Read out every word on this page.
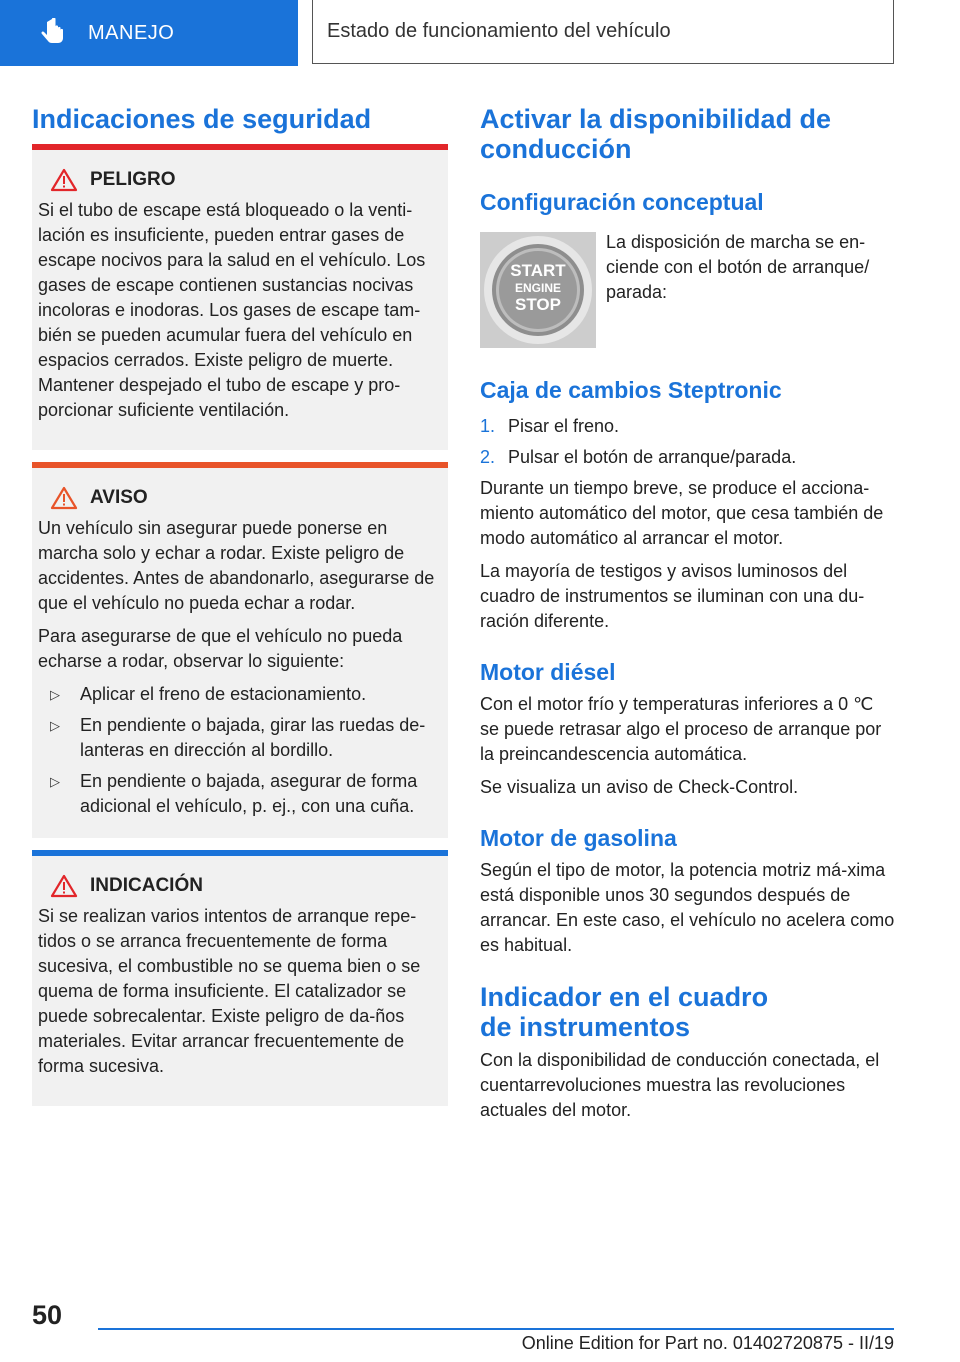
MANEJO	Estado de funcionamiento del vehículo
Indicaciones de seguridad
PELIGRO

Si el tubo de escape está bloqueado o la venti-lación es insuficiente, pueden entrar gases de escape nocivos para la salud en el vehículo. Los gases de escape contienen sustancias nocivas incoloras e inodoras. Los gases de escape tam-bién se pueden acumular fuera del vehículo en espacios cerrados. Existe peligro de muerte. Mantener despejado el tubo de escape y pro-porcionar suficiente ventilación.

AVISO

Un vehículo sin asegurar puede ponerse en marcha solo y echar a rodar. Existe peligro de accidentes. Antes de abandonarlo, asegurarse de que el vehículo no pueda echar a rodar.

Para asegurarse de que el vehículo no pueda echarse a rodar, observar lo siguiente:

▷	Aplicar el freno de estacionamiento.
▷	En pendiente o bajada, girar las ruedas de-lanteras en dirección al bordillo.
▷	En pendiente o bajada, asegurar de forma adicional el vehículo, p. ej., con una cuña.
INDICACIÓN

Si se realizan varios intentos de arranque repe-tidos o se arranca frecuentemente de forma sucesiva, el combustible no se quema bien o se quema de forma insuficiente. El catalizador se puede sobrecalentar. Existe peligro de da-ños materiales. Evitar arrancar frecuentemente de forma sucesiva.

Activar la disponibilidad de
conducción
Configuración conceptual
START
ENGINE
STOP

La disposición de marcha se en-ciende con el botón de arranque/ parada:

Caja de cambios Steptronic
1. Pisar el freno.
2. Pulsar el botón de arranque/parada.

Durante un tiempo breve, se produce el acciona-miento automático del motor, que cesa también de modo automático al arrancar el motor.

La mayoría de testigos y avisos luminosos del cuadro de instrumentos se iluminan con una du-ración diferente.

Motor diésel

Con el motor frío y temperaturas inferiores a 0 ℃ se puede retrasar algo el proceso de arranque por la preincandescencia automática.

Se visualiza un aviso de Check-Control.

Motor de gasolina

Según el tipo de motor, la potencia motriz má-xima está disponible unos 30 segundos después de arrancar. En este caso, el vehículo no acelera como es habitual.

Indicador en el cuadro
de instrumentos

Con la disponibilidad de conducción conectada, el cuentarrevoluciones muestra las revoluciones actuales del motor.

50
Online Edition for Part no. 01402720875 - II/19
